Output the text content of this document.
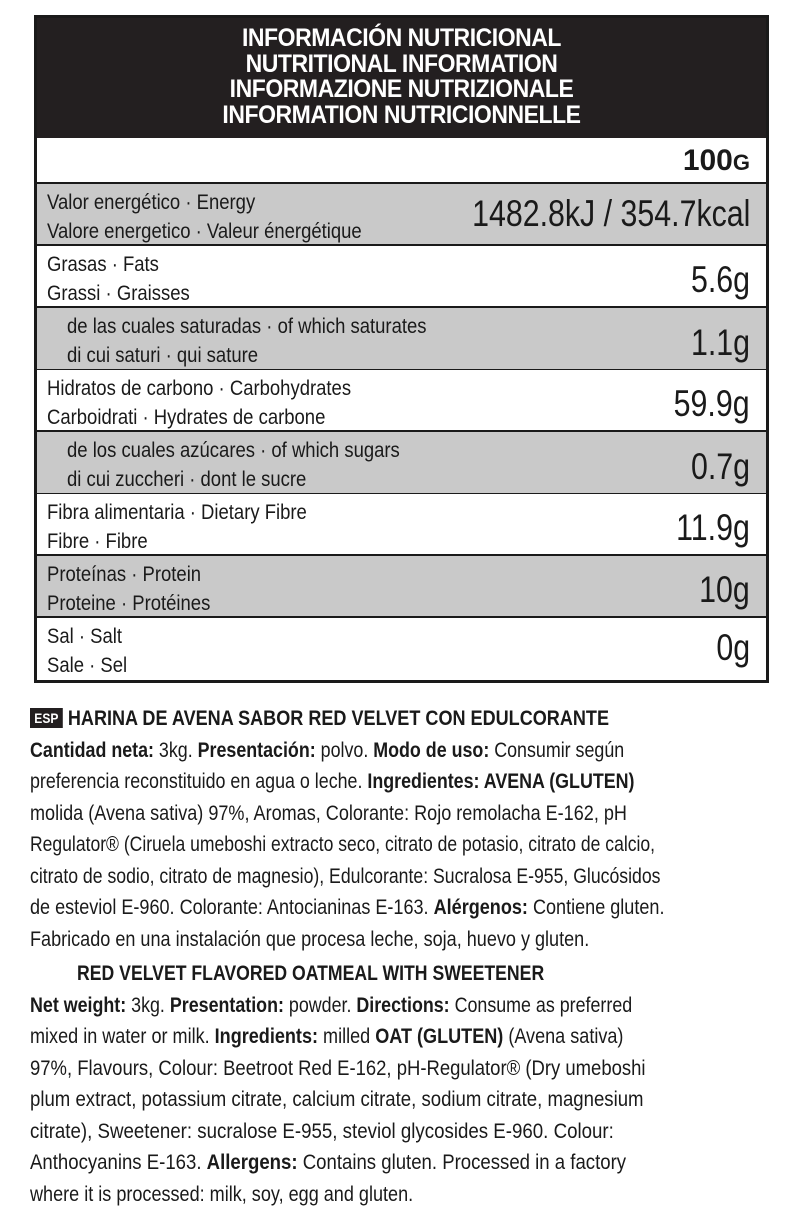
INFORMACIÓN NUTRICIONAL
NUTRITIONAL INFORMATION
INFORMAZIONE NUTRIZIONALE
INFORMATION NUTRICIONNELLE
100G
Valor energético · Energy
Valore energetico · Valeur énergétique	1482.8kJ / 354.7kcal
Grasas · Fats
Grassi · Graisses	5.6g
de las cuales saturadas · of which saturates
di cui saturi · qui sature	1.1g
Hidratos de carbono · Carbohydrates
Carboidrati · Hydrates de carbone	59.9g
de los cuales azúcares · of which sugars
di cui zuccheri · dont le sucre	0.7g
Fibra alimentaria · Dietary Fibre
Fibre · Fibre	11.9g
Proteínas · Protein
Proteine · Protéines	10g
Sal · Salt
Sale · Sel	0g
ESP HARINA DE AVENA SABOR RED VELVET CON EDULCORANTE
Cantidad neta: 3kg. Presentación: polvo. Modo de uso: Consumir según
preferencia reconstituido en agua o leche. Ingredientes: AVENA (GLUTEN)
molida (Avena sativa) 97%, Aromas, Colorante: Rojo remolacha E-162, pH
Regulator® (Ciruela umeboshi extracto seco, citrato de potasio, citrato de calcio,
citrato de sodio, citrato de magnesio), Edulcorante: Sucralosa E-955, Glucósidos
de esteviol E-960. Colorante: Antocianinas E-163. Alérgenos: Contiene gluten.
Fabricado en una instalación que procesa leche, soja, huevo y gluten.
RED VELVET FLAVORED OATMEAL WITH SWEETENER
Net weight: 3kg. Presentation: powder. Directions: Consume as preferred
mixed in water or milk. Ingredients: milled OAT (GLUTEN) (Avena sativa)
97%, Flavours, Colour: Beetroot Red E-162, pH-Regulator® (Dry umeboshi
plum extract, potassium citrate, calcium citrate, sodium citrate, magnesium
citrate), Sweetener: sucralose E-955, steviol glycosides E-960. Colour:
Anthocyanins E-163. Allergens: Contains gluten. Processed in a factory
where it is processed: milk, soy, egg and gluten.
